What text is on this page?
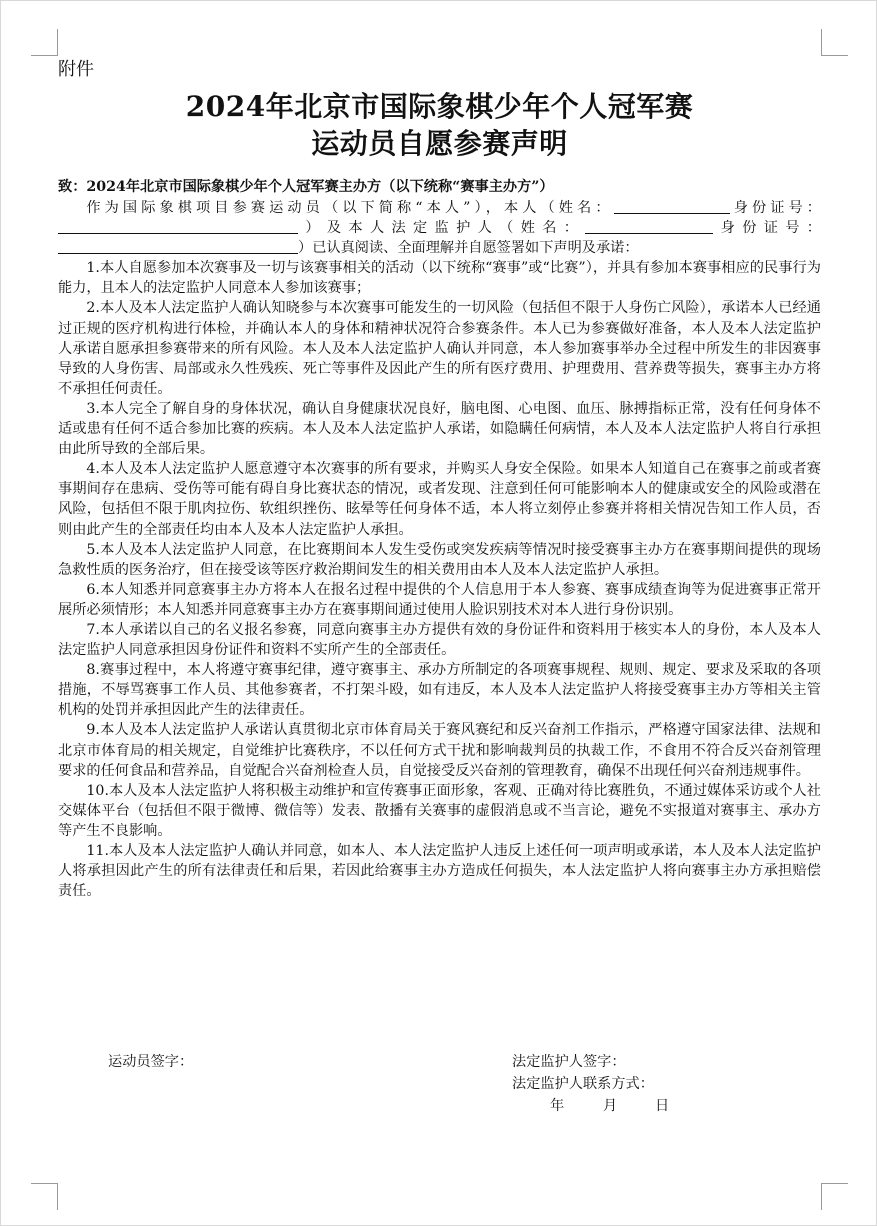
附件
2024年北京市国际象棋少年个人冠军赛
运动员自愿参赛声明
致：2024年北京市国际象棋少年个人冠军赛主办方（以下统称“赛事主办方”）

作为国际象棋项目参赛运动员（以下简称“本人”），本人（姓名：	身份证号：）及本人法定监护人（姓名：	身份证号：）已认真阅读、全面理解并自愿签署如下声明及承诺：

1.本人自愿参加本次赛事及一切与该赛事相关的活动（以下统称“赛事”或“比赛”），并具有参加本赛事相应的民事行为能力，且本人的法定监护人同意本人参加该赛事；

2.本人及本人法定监护人确认知晓参与本次赛事可能发生的一切风险（包括但不限于人身伤亡风险），承诺本人已经通过正规的医疗机构进行体检，并确认本人的身体和精神状况符合参赛条件。本人已为参赛做好准备，本人及本人法定监护人承诺自愿承担参赛带来的所有风险。本人及本人法定监护人确认并同意，本人参加赛事举办全过程中所发生的非因赛事导致的人身伤害、局部或永久性残疾、死亡等事件及因此产生的所有医疗费用、护理费用、营养费等损失，赛事主办方将不承担任何责任。

3.本人完全了解自身的身体状况，确认自身健康状况良好，脑电图、心电图、血压、脉搏指标正常，没有任何身体不适或患有任何不适合参加比赛的疾病。本人及本人法定监护人承诺，如隐瞒任何病情，本人及本人法定监护人将自行承担由此所导致的全部后果。

4.本人及本人法定监护人愿意遵守本次赛事的所有要求，并购买人身安全保险。如果本人知道自己在赛事之前或者赛事期间存在患病、受伤等可能有碍自身比赛状态的情况，或者发现、注意到任何可能影响本人的健康或安全的风险或潜在风险，包括但不限于肌肉拉伤、软组织挫伤、眩晕等任何身体不适，本人将立刻停止参赛并将相关情况告知工作人员，否则由此产生的全部责任均由本人及本人法定监护人承担。

5.本人及本人法定监护人同意，在比赛期间本人发生受伤或突发疾病等情况时接受赛事主办方在赛事期间提供的现场急救性质的医务治疗，但在接受该等医疗救治期间发生的相关费用由本人及本人法定监护人承担。

6.本人知悉并同意赛事主办方将本人在报名过程中提供的个人信息用于本人参赛、赛事成绩查询等为促进赛事正常开展所必须情形；本人知悉并同意赛事主办方在赛事期间通过使用人脸识别技术对本人进行身份识别。

7.本人承诺以自己的名义报名参赛，同意向赛事主办方提供有效的身份证件和资料用于核实本人的身份，本人及本人法定监护人同意承担因身份证件和资料不实所产生的全部责任。

8.赛事过程中，本人将遵守赛事纪律，遵守赛事主、承办方所制定的各项赛事规程、规则、规定、要求及采取的各项措施，不辱骂赛事工作人员、其他参赛者，不打架斗殴，如有违反，本人及本人法定监护人将接受赛事主办方等相关主管机构的处罚并承担因此产生的法律责任。

9.本人及本人法定监护人承诺认真贯彻北京市体育局关于赛风赛纪和反兴奋剂工作指示，严格遵守国家法律、法规和北京市体育局的相关规定，自觉维护比赛秩序，不以任何方式干扰和影响裁判员的执裁工作，不食用不符合反兴奋剂管理要求的任何食品和营养品，自觉配合兴奋剂检查人员，自觉接受反兴奋剂的管理教育，确保不出现任何兴奋剂违规事件。

10.本人及本人法定监护人将积极主动维护和宣传赛事正面形象，客观、正确对待比赛胜负，不通过媒体采访或个人社交媒体平台（包括但不限于微博、微信等）发表、散播有关赛事的虚假消息或不当言论，避免不实报道对赛事主、承办方等产生不良影响。

11.本人及本人法定监护人确认并同意，如本人、本人法定监护人违反上述任何一项声明或承诺，本人及本人法定监护人将承担因此产生的所有法律责任和后果，若因此给赛事主办方造成任何损失，本人法定监护人将向赛事主办方承担赔偿责任。

运动员签字：	法定监护人签字：
法定监护人联系方式：
年	月	日
